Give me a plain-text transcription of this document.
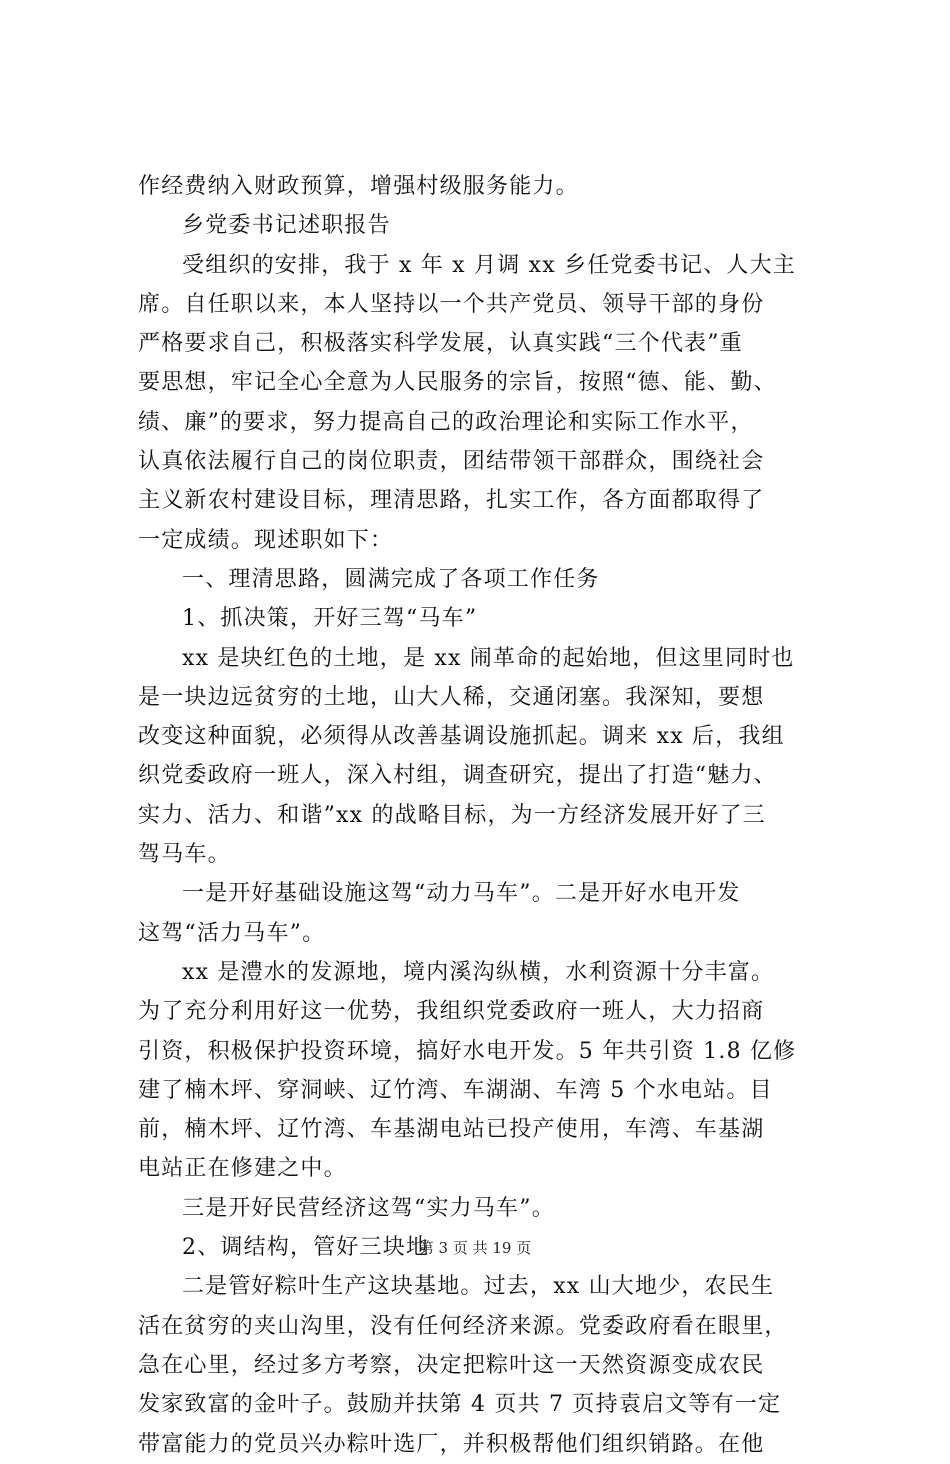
作经费纳入财政预算，增强村级服务能力。
乡党委书记述职报告
受组织的安排，我于 x 年 x 月调 xx 乡任党委书记、人大主
席。自任职以来，本人坚持以一个共产党员、领导干部的身份
严格要求自己，积极落实科学发展，认真实践“三个代表”重
要思想，牢记全心全意为人民服务的宗旨，按照“德、能、勤、
绩、廉”的要求，努力提高自己的政治理论和实际工作水平，
认真依法履行自己的岗位职责，团结带领干部群众，围绕社会
主义新农村建设目标，理清思路，扎实工作，各方面都取得了
一定成绩。现述职如下：
一、理清思路，圆满完成了各项工作任务
1、抓决策，开好三驾“马车”
xx 是块红色的土地，是 xx 闹革命的起始地，但这里同时也
是一块边远贫穷的土地，山大人稀，交通闭塞。我深知，要想
改变这种面貌，必须得从改善基调设施抓起。调来 xx 后，我组
织党委政府一班人，深入村组，调查研究，提出了打造“魅力、
实力、活力、和谐”xx 的战略目标，为一方经济发展开好了三
驾马车。
一是开好基础设施这驾“动力马车”。二是开好水电开发
这驾“活力马车”。
xx 是澧水的发源地，境内溪沟纵横，水利资源十分丰富。
为了充分利用好这一优势，我组织党委政府一班人，大力招商
引资，积极保护投资环境，搞好水电开发。5 年共引资 1.8 亿修
建了楠木坪、穿洞峡、辽竹湾、车湖湖、车湾 5 个水电站。目
前，楠木坪、辽竹湾、车基湖电站已投产使用，车湾、车基湖
电站正在修建之中。
三是开好民营经济这驾“实力马车”。
2、调结构，管好三块地
二是管好粽叶生产这块基地。过去，xx 山大地少，农民生
活在贫穷的夹山沟里，没有任何经济来源。党委政府看在眼里，
急在心里，经过多方考察，决定把粽叶这一天然资源变成农民
发家致富的金叶子。鼓励并扶第 4 页共 7 页持袁启文等有一定
带富能力的党员兴办粽叶选厂，并积极帮他们组织销路。在他
第 3 页 共 19 页
